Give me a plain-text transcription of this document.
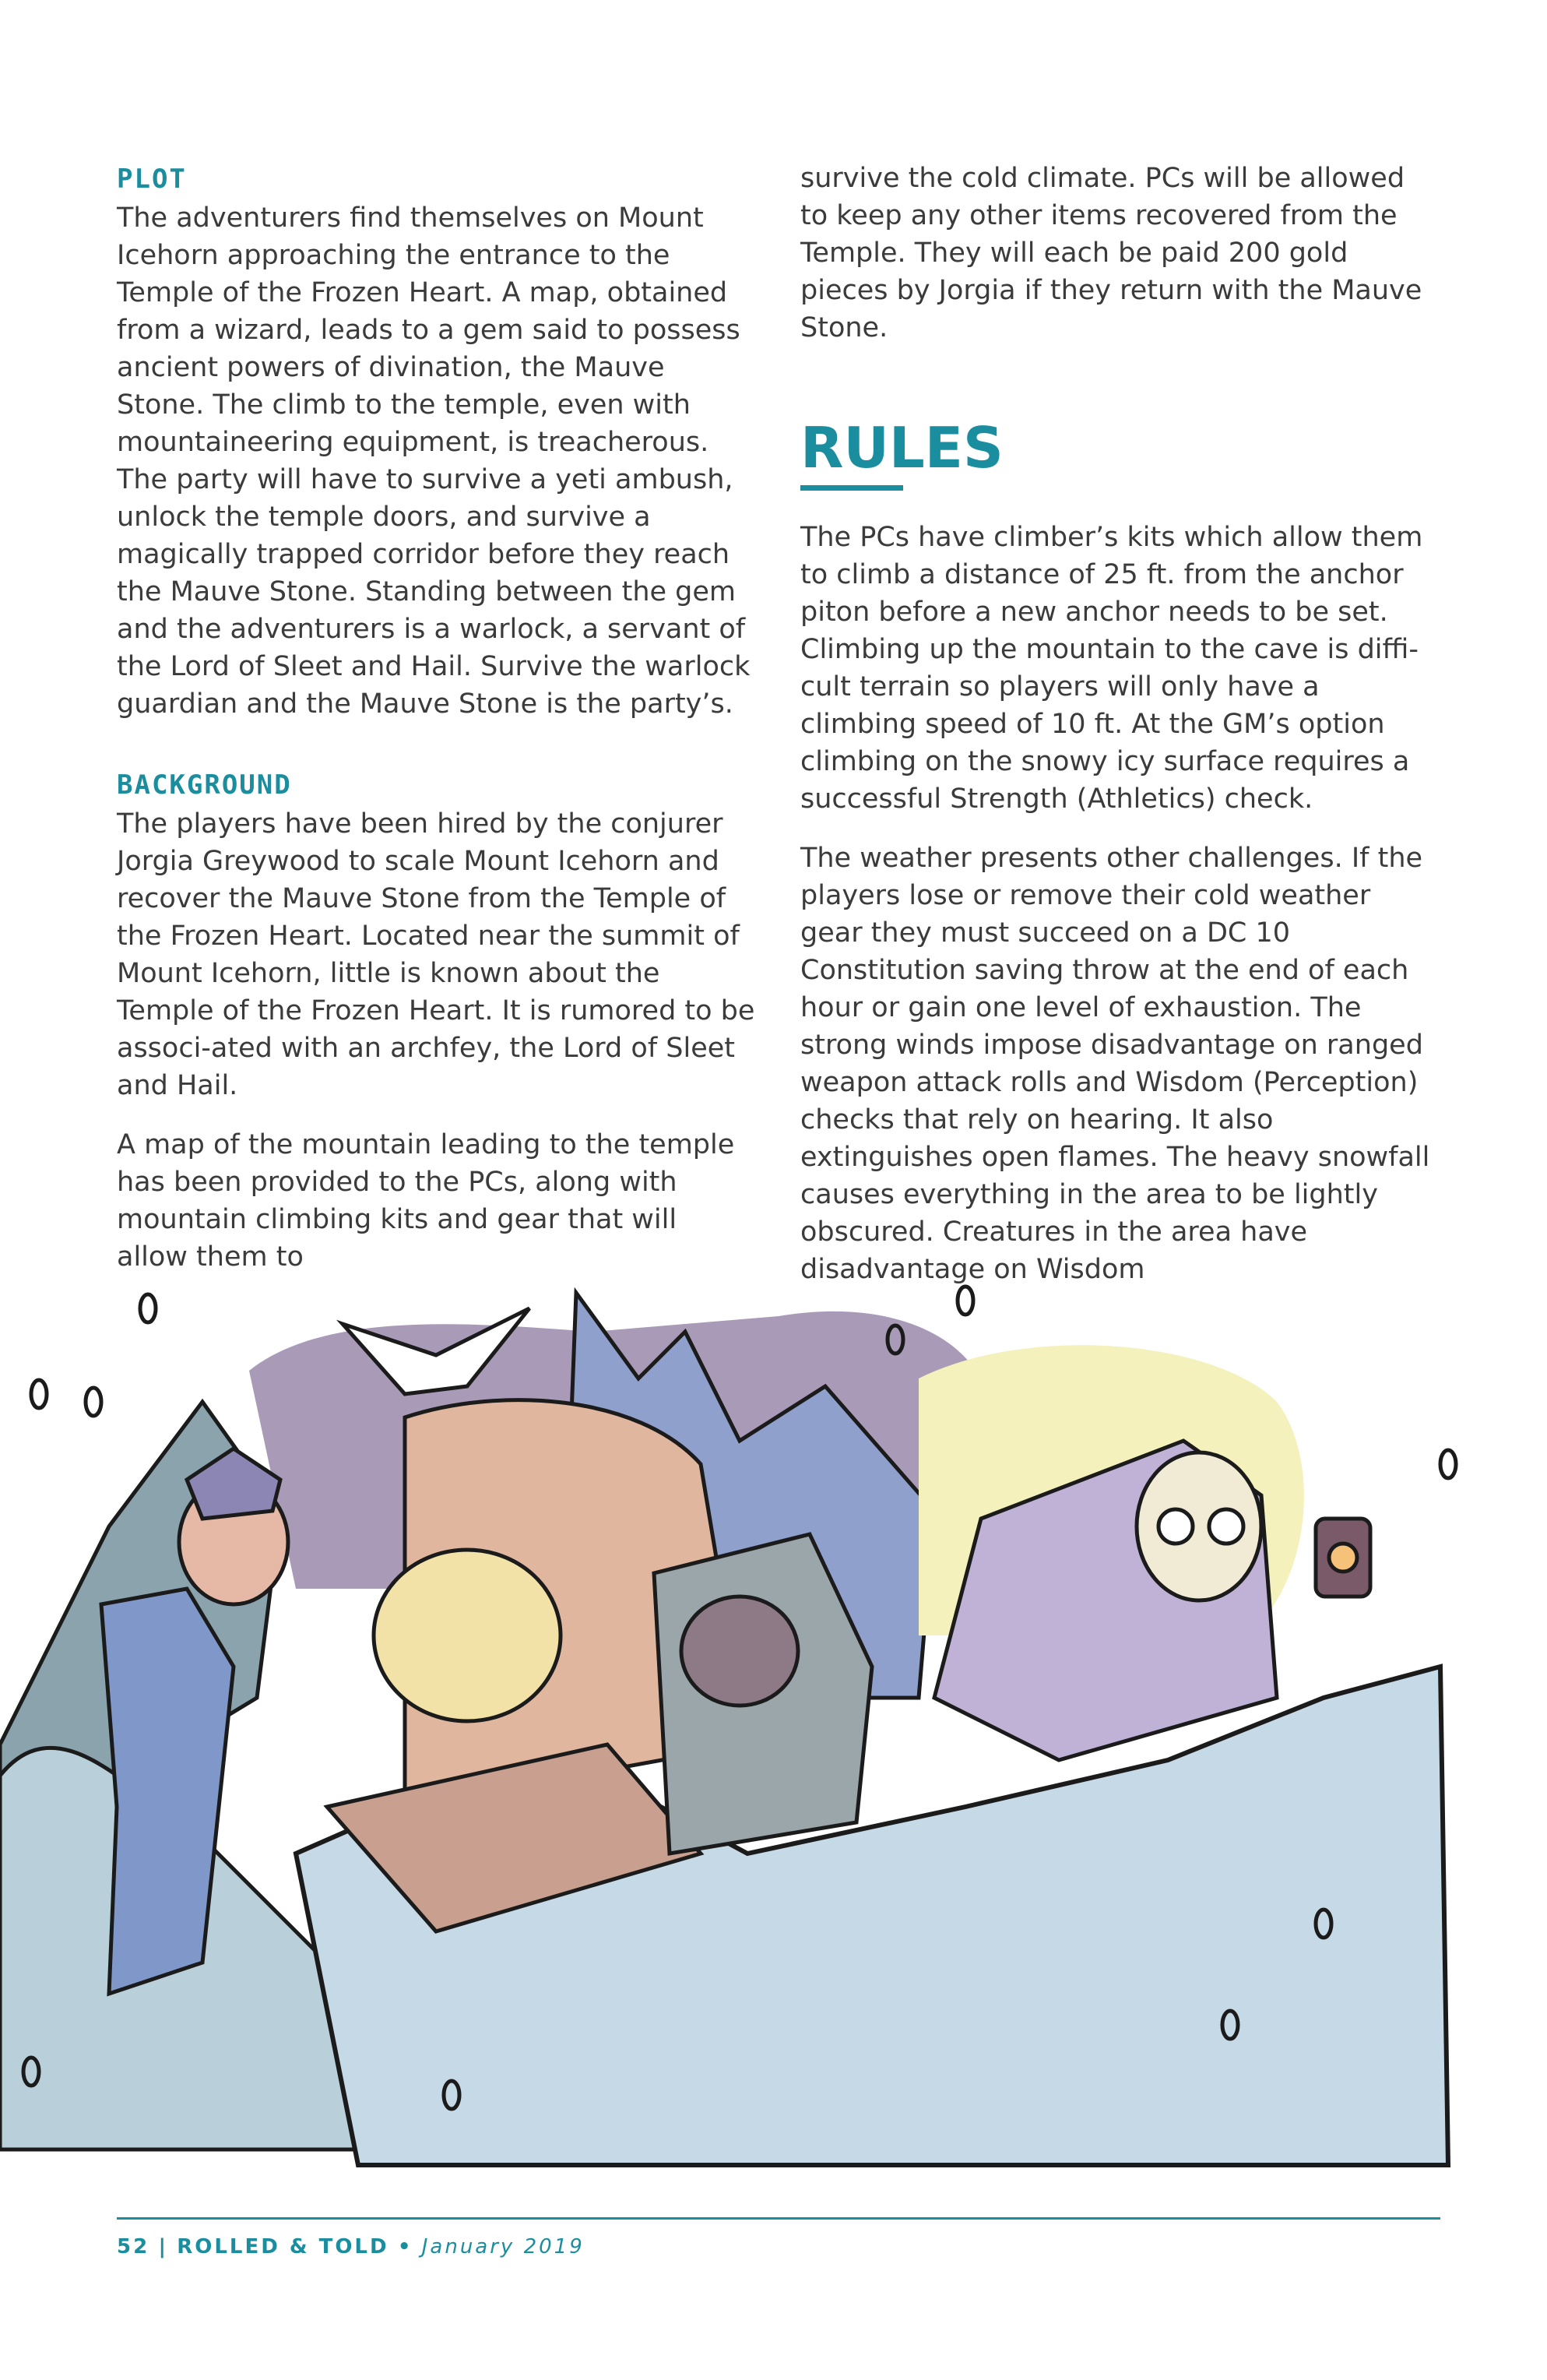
PLOT

The adventurers find themselves on Mount Icehorn approaching the entrance to the Temple of the Frozen Heart. A map, obtained from a wizard, leads to a gem said to possess ancient powers of divination, the Mauve Stone. The climb to the temple, even with mountaineering equipment, is treacherous. The party will have to survive a yeti ambush, unlock the temple doors, and survive a magically trapped corridor before they reach the Mauve Stone. Standing between the gem and the adventurers is a warlock, a servant of the Lord of Sleet and Hail. Survive the warlock guardian and the Mauve Stone is the party’s.

BACKGROUND

The players have been hired by the conjurer Jorgia Greywood to scale Mount Icehorn and recover the Mauve Stone from the Temple of the Frozen Heart. Located near the summit of Mount Icehorn, little is known about the Temple of the Frozen Heart. It is rumored to be associ-ated with an archfey, the Lord of Sleet and Hail.

A map of the mountain leading to the temple has been provided to the PCs, along with mountain climbing kits and gear that will allow them to

survive the cold climate. PCs will be allowed to keep any other items recovered from the Temple. They will each be paid 200 gold pieces by Jorgia if they return with the Mauve Stone.

RULES

The PCs have climber’s kits which allow them to climb a distance of 25 ft. from the anchor piton before a new anchor needs to be set. Climbing up the mountain to the cave is diffi-cult terrain so players will only have a climbing speed of 10 ft. At the GM’s option climbing on the snowy icy surface requires a successful Strength (Athletics) check.

The weather presents other challenges. If the players lose or remove their cold weather gear they must succeed on a DC 10 Constitution saving throw at the end of each hour or gain one level of exhaustion. The strong winds impose disadvantage on ranged weapon attack rolls and Wisdom (Perception) checks that rely on hearing. It also extinguishes open flames. The heavy snowfall causes everything in the area to be lightly obscured. Creatures in the area have disadvantage on Wisdom

52 | ROLLED & TOLD • January 2019
